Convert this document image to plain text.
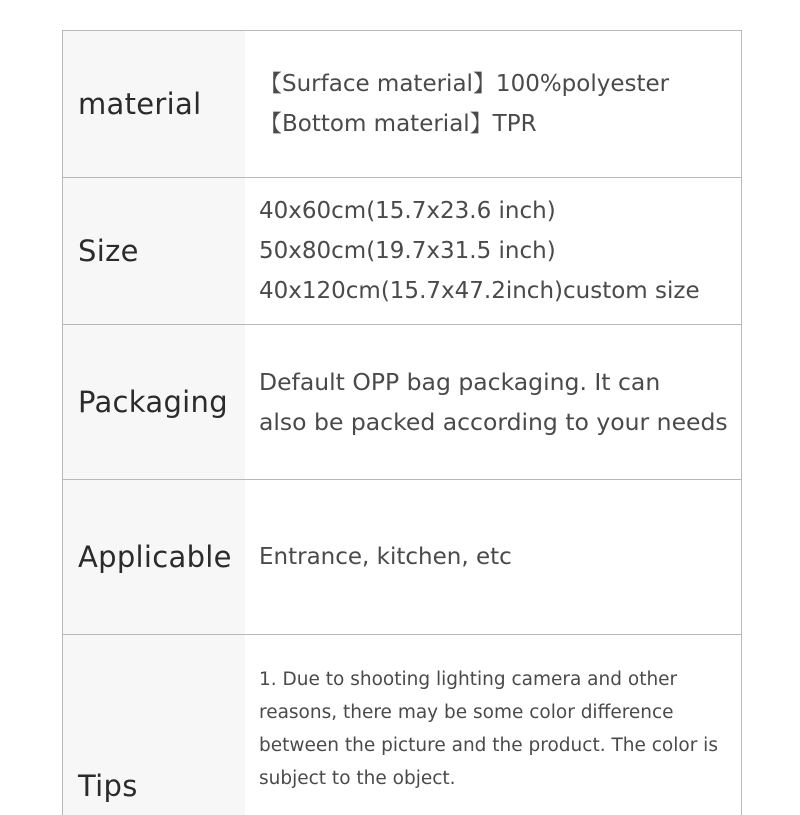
material
【Surface material】100%polyester
【Bottom material】TPR
Size
40x60cm(15.7x23.6 inch)
50x80cm(19.7x31.5 inch)
40x120cm(15.7x47.2inch)custom size
Packaging
Default OPP bag packaging. It can
also be packed according to your needs
Applicable	Entrance, kitchen, etc
Tips
1. Due to shooting lighting camera and other
reasons, there may be some color difference
between the picture and the product. The color is
subject to the object.
